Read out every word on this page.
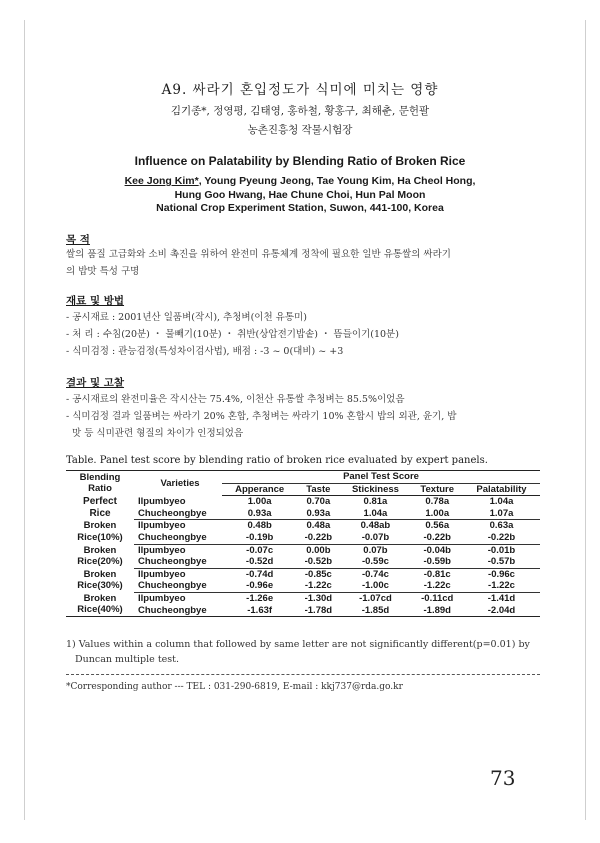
A9. 싸라기 혼입정도가 식미에 미치는 영향
김기종*, 정영평, 김태영, 홍하철, 황홍구, 최해춘, 문헌팔
농촌진흥청 작물시험장
Influence on Palatability by Blending Ratio of Broken Rice
Kee Jong Kim*, Young Pyeung Jeong, Tae Young Kim, Ha Cheol Hong,
Hung Goo Hwang, Hae Chune Choi, Hun Pal Moon
National Crop Experiment Station, Suwon, 441-100, Korea
목 적
쌀의 품질 고급화와 소비 촉진을 위하여 완전미 유통체계 정착에 필요한 일반 유통쌀의 싸라기
의 밥맛 특성 구명
재료 및 방법
- 공시재료 : 2001년산 일품벼(작시), 추청벼(이천 유통미)
- 처 리 : 수침(20분) ・ 물빼기(10분) ・ 취반(상압전기밥솥) ・ 뜸들이기(10분)
- 식미검정 : 관능검정(특성차이검사법), 배점 : -3 ~ 0(대비) ~ +3
결과 및 고찰
- 공시재료의 완전미율은 작시산는 75.4%, 이천산 유통쌀 추청벼는 85.5%이었음
- 식미검정 결과 일품벼는 싸라기 20% 혼합, 추청벼는 싸라기 10% 혼합시 밥의 외관, 윤기, 밥
맛 등 식미관련 형질의 차이가 인정되었음
Table. Panel test score by blending ratio of broken rice evaluated by expert panels.
Blending
Ratio	Varieties	Panel Test Score				
		Apperance	Taste	Stickiness	Texture	Palatability
Perfect
Rice	Ilpumbyeo	1.00a	0.70a	0.81a	0.78a	1.04a
	Chucheongbye	0.93a	0.93a	1.04a	1.00a	1.07a
Broken
Rice(10%)	Ilpumbyeo	0.48b	0.48a	0.48ab	0.56a	0.63a
	Chucheongbye	-0.19b	-0.22b	-0.07b	-0.22b	-0.22b
Broken
Rice(20%)	Ilpumbyeo	-0.07c	0.00b	0.07b	-0.04b	-0.01b
	Chucheongbye	-0.52d	-0.52b	-0.59c	-0.59b	-0.57b
Broken
Rice(30%)	Ilpumbyeo	-0.74d	-0.85c	-0.74c	-0.81c	-0.96c
	Chucheongbye	-0.96e	-1.22c	-1.00c	-1.22c	-1.22c
Broken
Rice(40%)	Ilpumbyeo	-1.26e	-1.30d	-1.07cd	-0.11cd	-1.41d
	Chucheongbye	-1.63f	-1.78d	-1.85d	-1.89d	-2.04d
1) Values within a column that followed by same letter are not significantly different(p=0.01) by
Duncan multiple test.
*Corresponding author --- TEL : 031-290-6819, E-mail : kkj737@rda.go.kr
73
